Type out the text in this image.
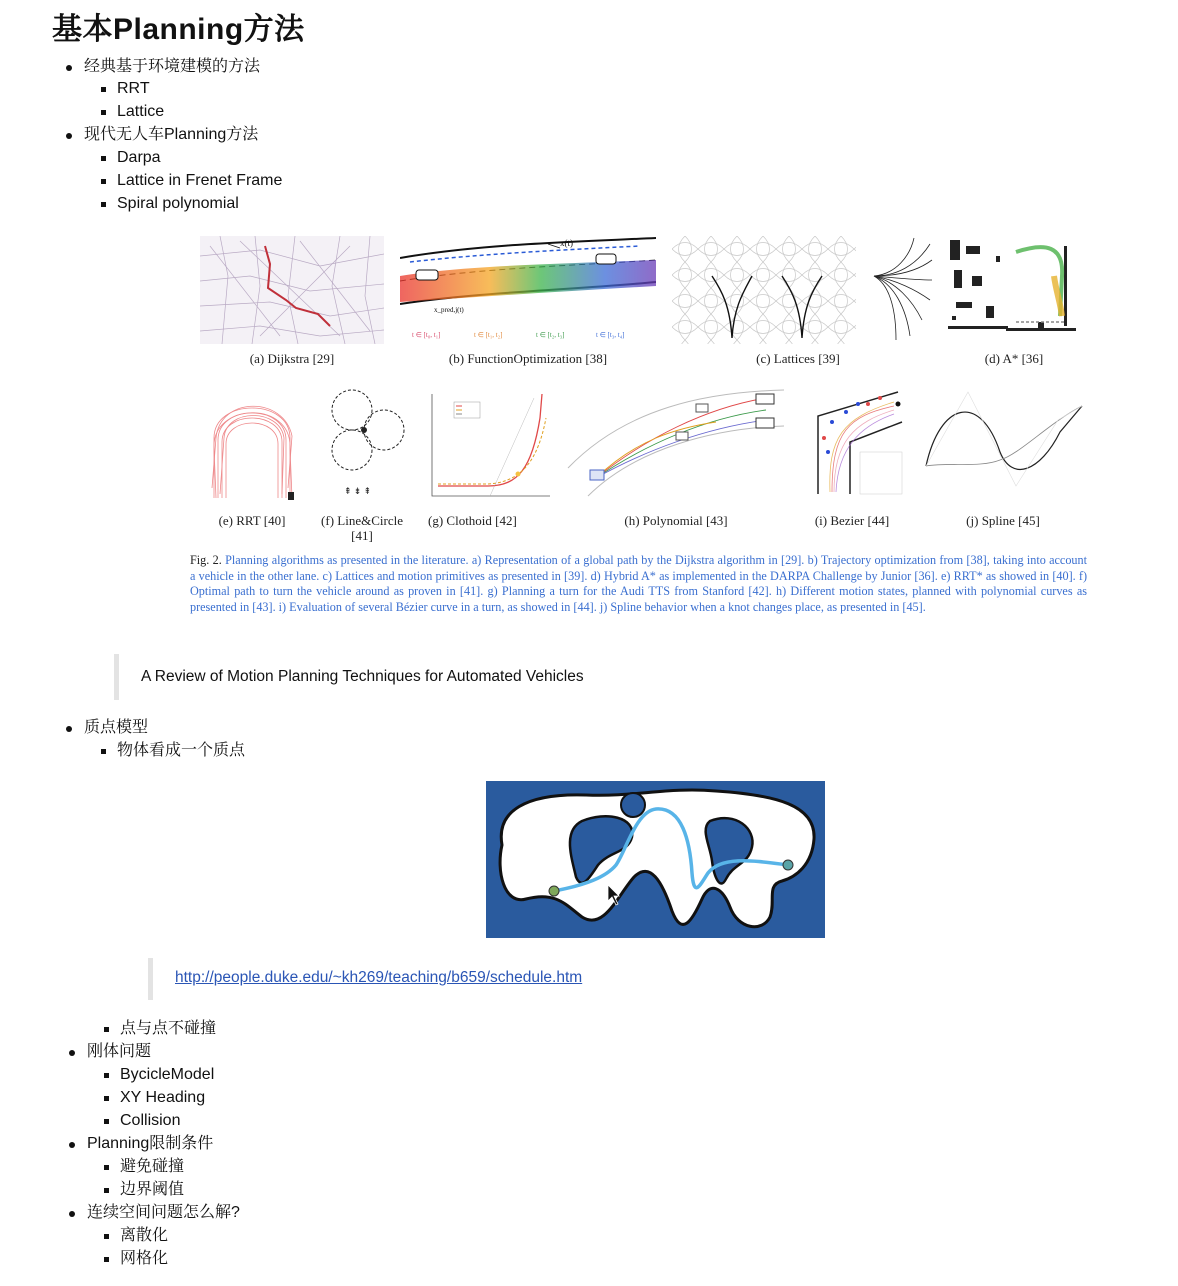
基本Planning方法
经典基于环境建模的方法
RRT
Lattice
现代无人车Planning方法
Darpa
Lattice in Frenet Frame
Spiral polynomial
x(t)
x_pred,j(t)
t ∈ [t₀, t₁]	t ∈ [t₁, t₂]	t ∈ [t₂, t₃]	t ∈ [t₃, t₄]
(a) Dijkstra [29]	(b) FunctionOptimization [38]	(c) Lattices [39]	(d) A* [36]
⇞ ⇟ ⇞
(e) RRT [40]	(f) Line&Circle
[41]
(g) Clothoid [42]	(h) Polynomial [43]	(i) Bezier [44]	(j) Spline [45]
Fig. 2. Planning algorithms as presented in the literature. a) Representation of a global path by the Dijkstra algorithm in [29]. b) Trajectory optimization from [38], taking into account a vehicle in the other lane. c) Lattices and motion primitives as presented in [39]. d) Hybrid A* as implemented in the DARPA Challenge by Junior [36]. e) RRT* as showed in [40]. f) Optimal path to turn the vehicle around as proven in [41]. g) Planning a turn for the Audi TTS from Stanford [42]. h) Different motion states, planned with polynomial curves as presented in [43]. i) Evaluation of several Bézier curve in a turn, as showed in [44]. j) Spline behavior when a knot changes place, as presented in [45].
A Review of Motion Planning Techniques for Automated Vehicles
质点模型
物体看成一个质点
http://people.duke.edu/~kh269/teaching/b659/schedule.htm
点与点不碰撞
刚体问题
BycicleModel
XY Heading
Collision
Planning限制条件
避免碰撞
边界阈值
连续空间问题怎么解?
离散化
网格化
